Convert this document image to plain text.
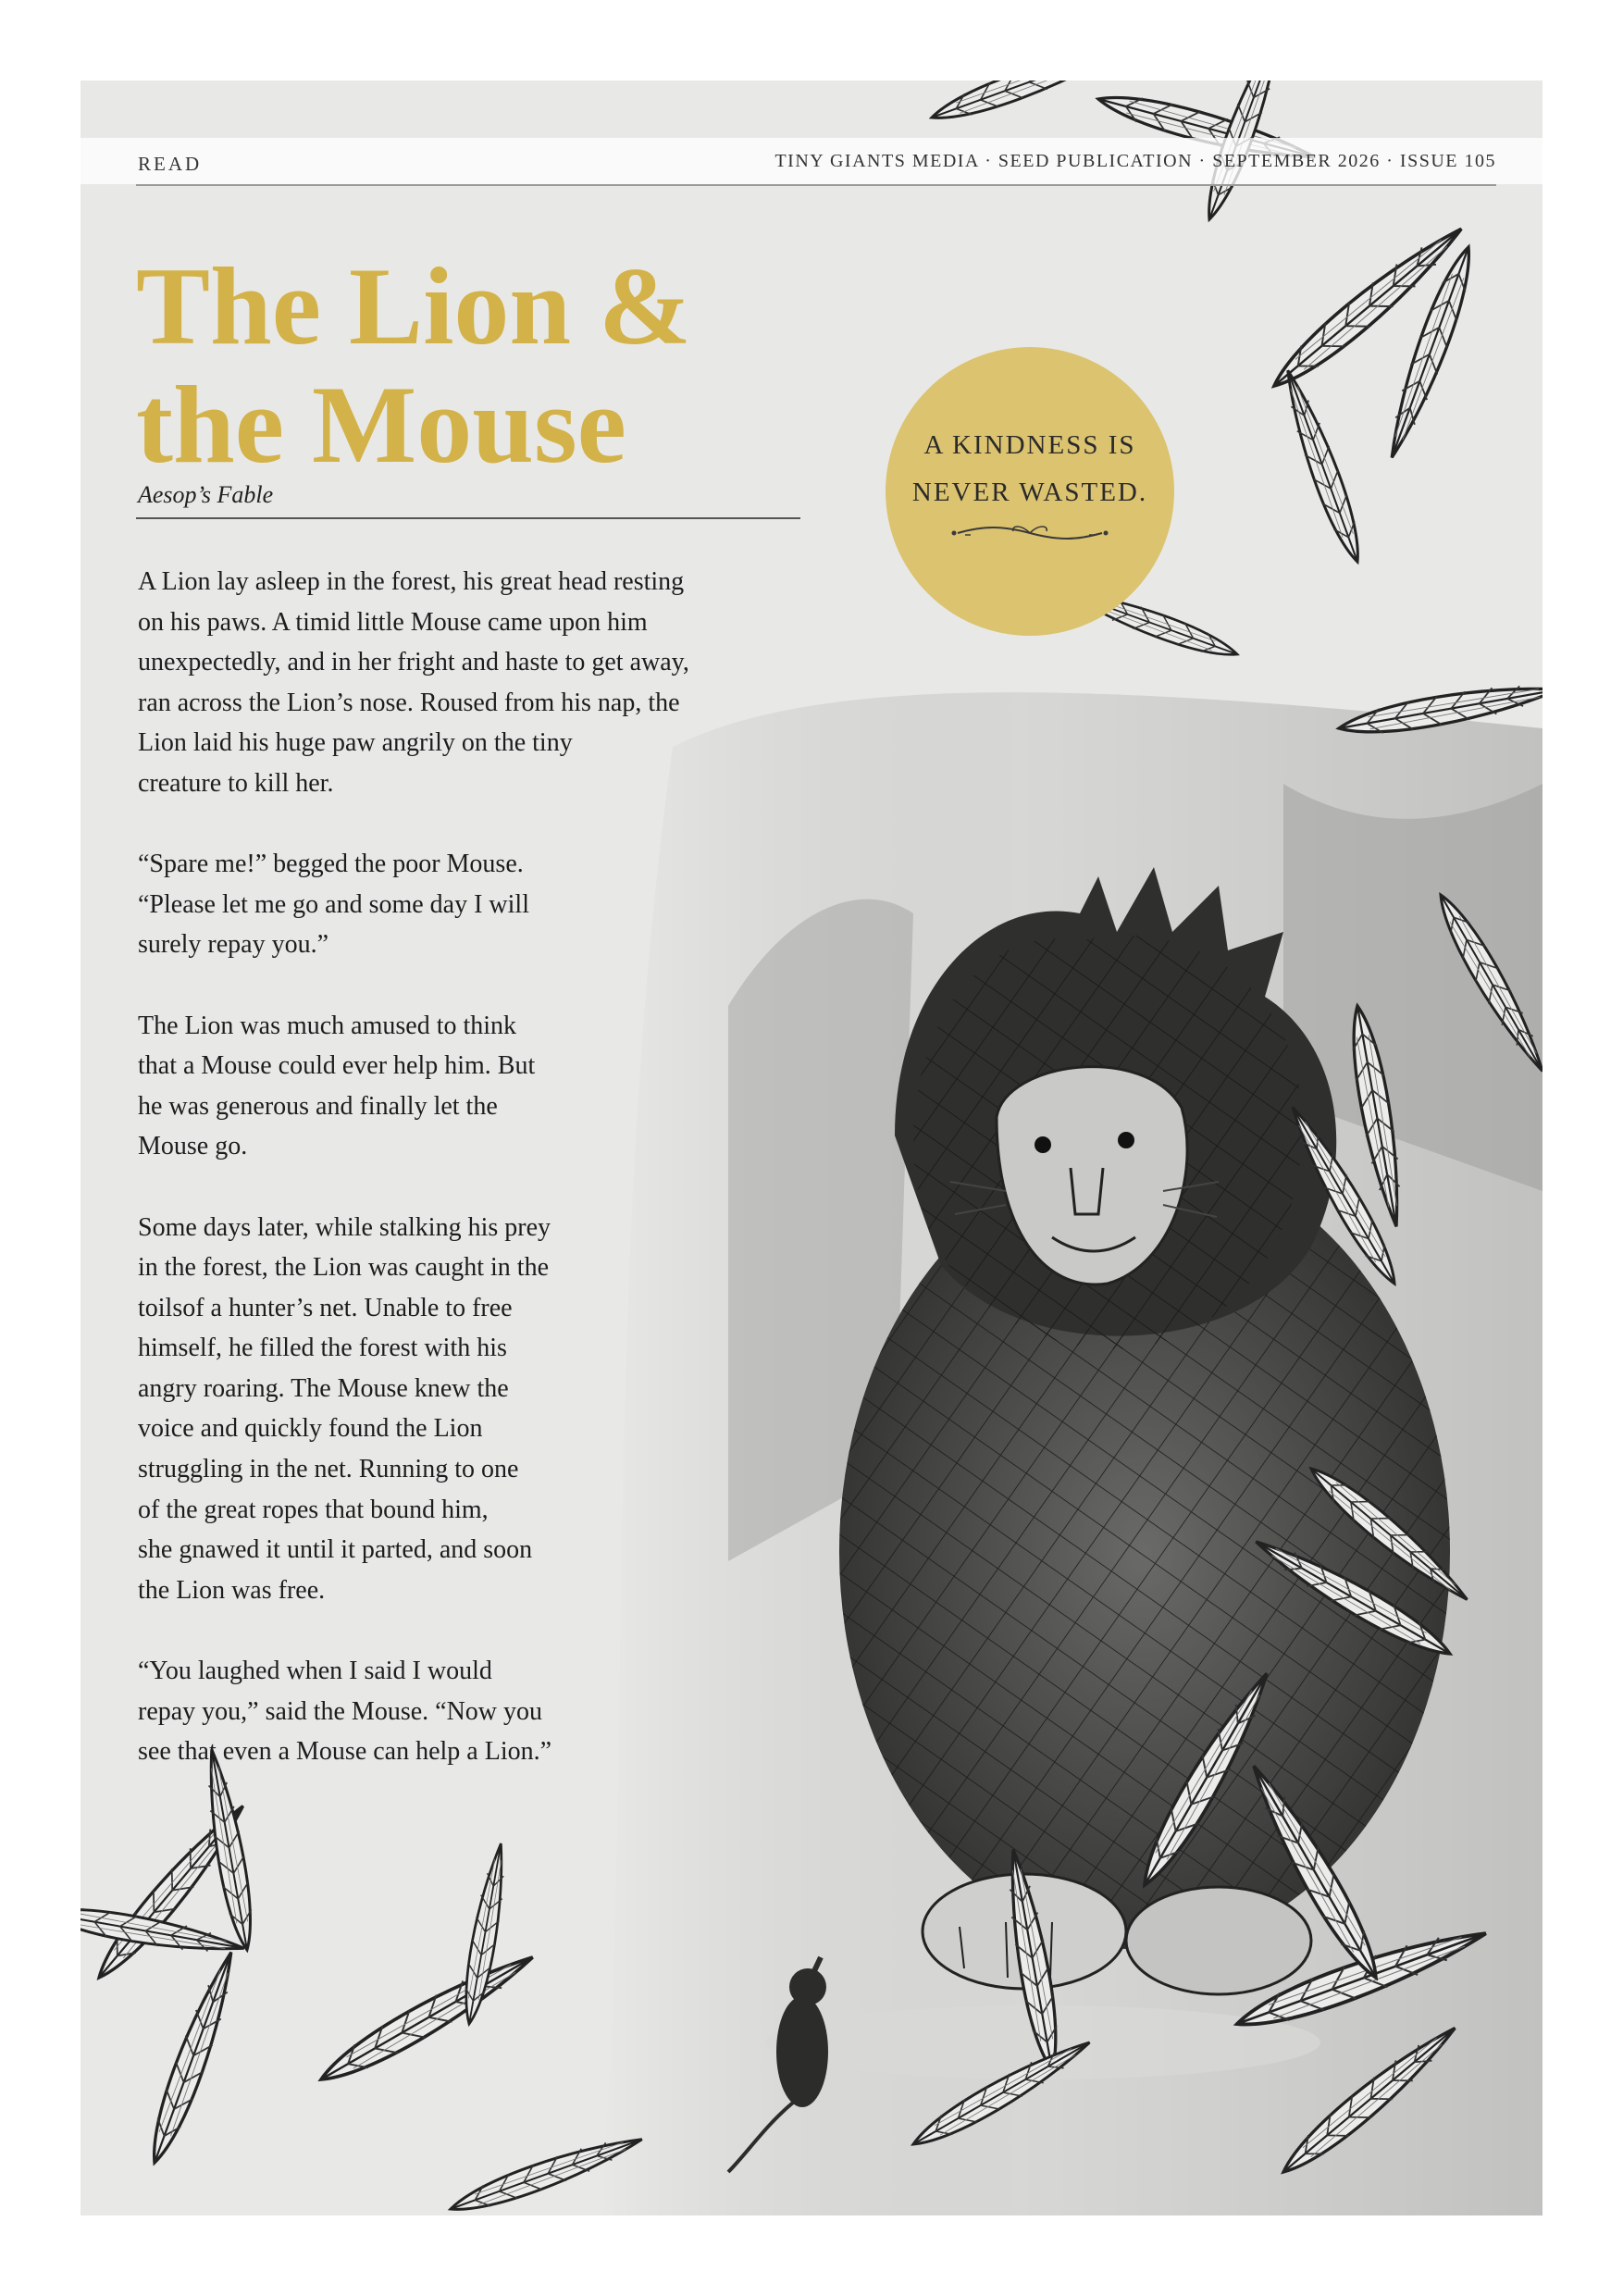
READ	TINY GIANTS MEDIA · SEED PUBLICATION · SEPTEMBER 2026 · ISSUE 105
The Lion &
the Mouse
Aesop’s Fable

A Lion lay asleep in the forest, his great head resting
on his paws. A timid little Mouse came upon him
unexpectedly, and in her fright and haste to get away,
ran across the Lion’s nose. Roused from his nap, the
Lion laid his huge paw angrily on the tiny
creature to kill her.

“Spare me!” begged the poor Mouse.
“Please let me go and some day I will
surely repay you.”

The Lion was much amused to think
that a Mouse could ever help him. But
he was generous and finally let the
Mouse go.

Some days later, while stalking his prey
in the forest, the Lion was caught in the
toilsof a hunter’s net. Unable to free
himself, he filled the forest with his
angry roaring. The Mouse knew the
voice and quickly found the Lion
struggling in the net. Running to one
of the great ropes that bound him,
she gnawed it until it parted, and soon
the Lion was free.

“You laughed when I said I would
repay you,” said the Mouse. “Now you
see that even a Mouse can help a Lion.”

A KINDNESS IS
NEVER WASTED.
